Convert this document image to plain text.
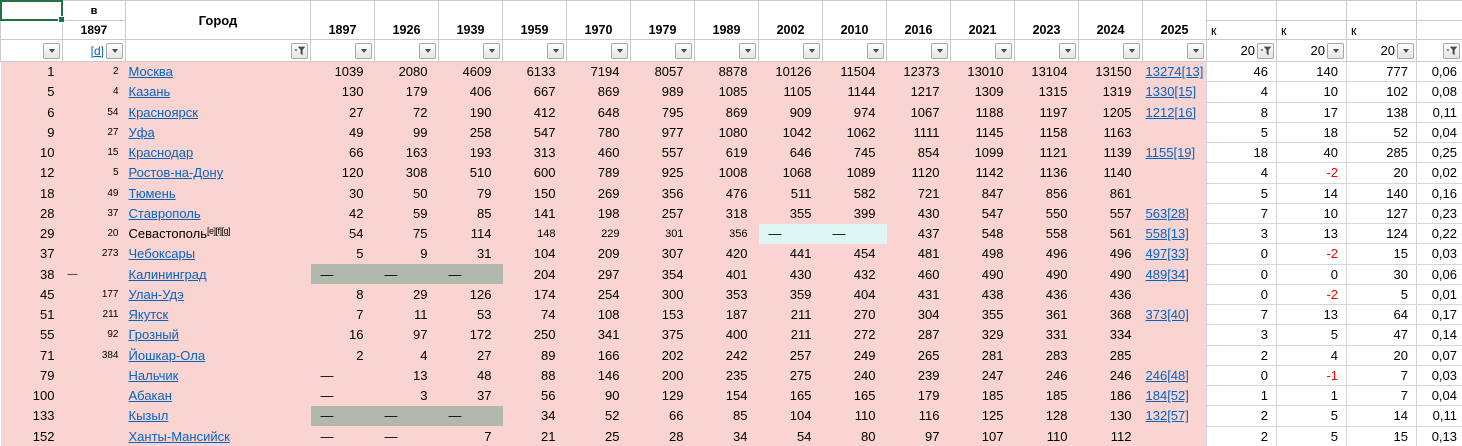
	в	Город	1897	1926	1939	1959	1970	1979	1989	2002	2010	2016	2021	2023	2024	2025				
	1897																к	к	к	

	[d]																20	20	20

1	2	Москва	1039	2080	4609	6133	7194	8057	8878	10126	11504	12373	13010	13104	13150	13274[13]	46	140	777	0,06
5	4	Казань	130	179	406	667	869	989	1085	1105	1144	1217	1309	1315	1319	1330[15]	4	10	102	0,08
6	54	Красноярск	27	72	190	412	648	795	869	909	974	1067	1188	1197	1205	1212[16]	8	17	138	0,11
9	27	Уфа	49	99	258	547	780	977	1080	1042	1062	1111	1145	1158	1163		5	18	52	0,04
10	15	Краснодар	66	163	193	313	460	557	619	646	745	854	1099	1121	1139	1155[19]	18	40	285	0,25
12	5	Ростов-на-Дону	120	308	510	600	789	925	1008	1068	1089	1120	1142	1136	1140		4	-2	20	0,02
18	49	Тюмень	30	50	79	150	269	356	476	511	582	721	847	856	861		5	14	140	0,16
28	37	Ставрополь	42	59	85	141	198	257	318	355	399	430	547	550	557	563[28]	7	10	127	0,23
29	20	Севастополь[e][f][g]	54	75	114	148	229	301	356	—	—	437	548	558	561	558[13]	3	13	124	0,22
37	273	Чебоксары	5	9	31	104	209	307	420	441	454	481	498	496	496	497[33]	0	-2	15	0,03
38	—	Калининград	—	—	—	204	297	354	401	430	432	460	490	490	490	489[34]	0	0	30	0,06
45	177	Улан-Удэ	8	29	126	174	254	300	353	359	404	431	438	436	436		0	-2	5	0,01
51	211	Якутск	7	11	53	74	108	153	187	211	270	304	355	361	368	373[40]	7	13	64	0,17
55	92	Грозный	16	97	172	250	341	375	400	211	272	287	329	331	334		3	5	47	0,14
71	384	Йошкар-Ола	2	4	27	89	166	202	242	257	249	265	281	283	285		2	4	20	0,07
79		Нальчик	—	13	48	88	146	200	235	275	240	239	247	246	246	246[48]	0	-1	7	0,03
100		Абакан	—	3	37	56	90	129	154	165	165	179	185	185	186	184[52]	1	1	7	0,04
133		Кызыл	—	—	—	34	52	66	85	104	110	116	125	128	130	132[57]	2	5	14	0,11
152		Ханты-Мансийск	—	—	7	21	25	28	34	54	80	97	107	110	112		2	5	15	0,13
